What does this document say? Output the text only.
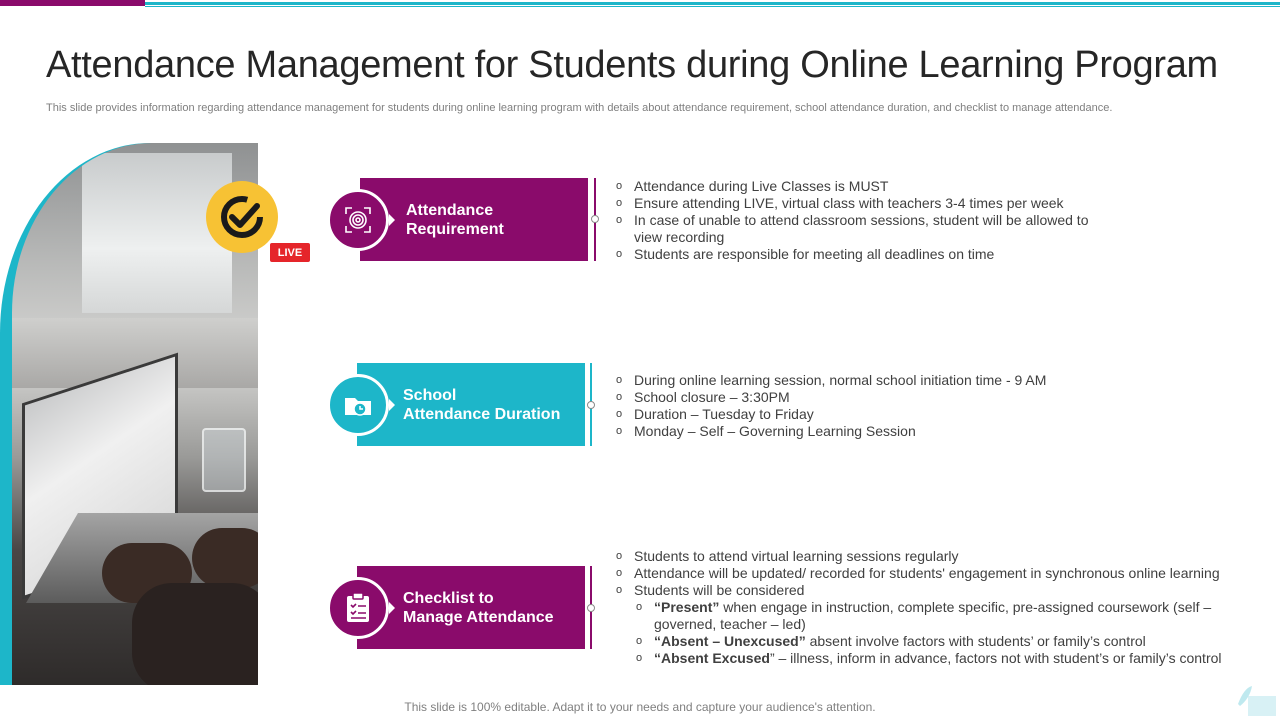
Attendance Management for Students during Online Learning Program
This slide provides information regarding attendance management for students during online learning program with details about attendance requirement, school attendance duration, and checklist to manage attendance.
LIVE
Attendance
Requirement
o Attendance during Live Classes is MUST
o Ensure attending LIVE, virtual class with teachers 3-4 times per week
o In case of unable to attend classroom sessions, student will be allowed to view recording
o Students are responsible for meeting all deadlines on time
School
Attendance Duration
o During online learning session, normal school initiation time - 9 AM
o School closure – 3:30PM
o Duration – Tuesday to Friday
o Monday – Self – Governing Learning Session
Checklist to
Manage Attendance
o Students to attend virtual learning sessions regularly
o Attendance will be updated/ recorded for students' engagement in synchronous online learning
o Students will be considered
o “Present” when engage in instruction, complete specific, pre-assigned coursework (self – governed, teacher – led)
o “Absent – Unexcused” absent involve factors with students’ or family’s control
o “Absent Excused” – illness, inform in advance, factors not with student’s or family’s control
This slide is 100% editable. Adapt it to your needs and capture your audience's attention.
